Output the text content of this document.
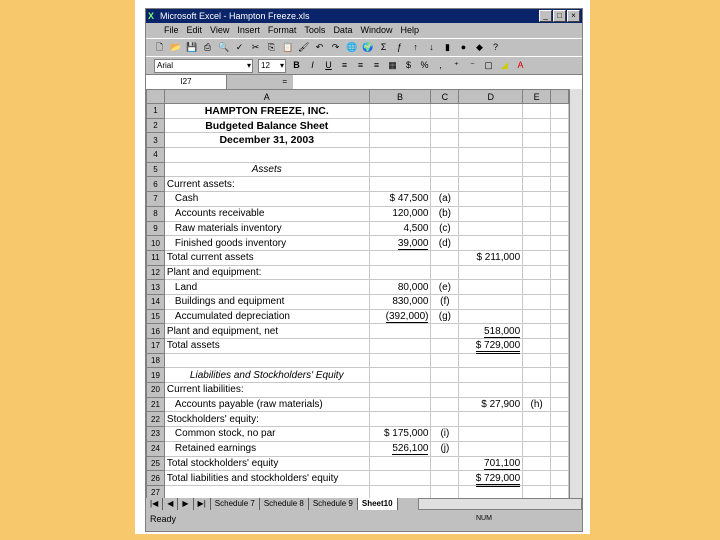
X Microsoft Excel - Hampton Freeze.xls	_	□	×
File Edit View Insert Format Tools Data Window Help
🗋 📂 💾 ⎙ 🔍 ✓ ✂ ⎘ 📋 🖌 ↶ ↷ 🌐 🌍 Σ	ƒ	↑	↓	▮	●	◆	?
Arial	▾	12 ▾ B	I	U	≡	≡	≡	▦	$	%	,	⁺	⁻	▢ ◢ A
I27	=
	A	B	C	D	E	
1	HAMPTON FREEZE, INC.					
2	Budgeted Balance Sheet					
3	December 31, 2003					
4						
5	Assets					
6	Current assets:					
7	Cash	$ 47,500	(a)			
8	Accounts receivable	120,000	(b)			
9	Raw materials inventory	4,500	(c)			
10	Finished goods inventory	39,000	(d)			
11	Total current assets			$ 211,000		
12	Plant and equipment:					
13	Land	80,000	(e)			
14	Buildings and equipment	830,000	(f)			
15	Accumulated depreciation	(392,000)	(g)			
16	Plant and equipment, net			518,000		
17	Total assets			$ 729,000		
18						
19	Liabilities and Stockholders' Equity					
20	Current liabilities:					
21	Accounts payable (raw materials)			$ 27,900	(h)	
22	Stockholders' equity:					
23	Common stock, no par	$ 175,000	(i)			
24	Retained earnings	526,100	(j)			
25	Total stockholders' equity			701,100		
26	Total liabilities and stockholders' equity			$ 729,000		
27						
|◀	◀	▶	▶|	Schedule 7	Schedule 8	Schedule 9	Sheet10
Ready	NUM
